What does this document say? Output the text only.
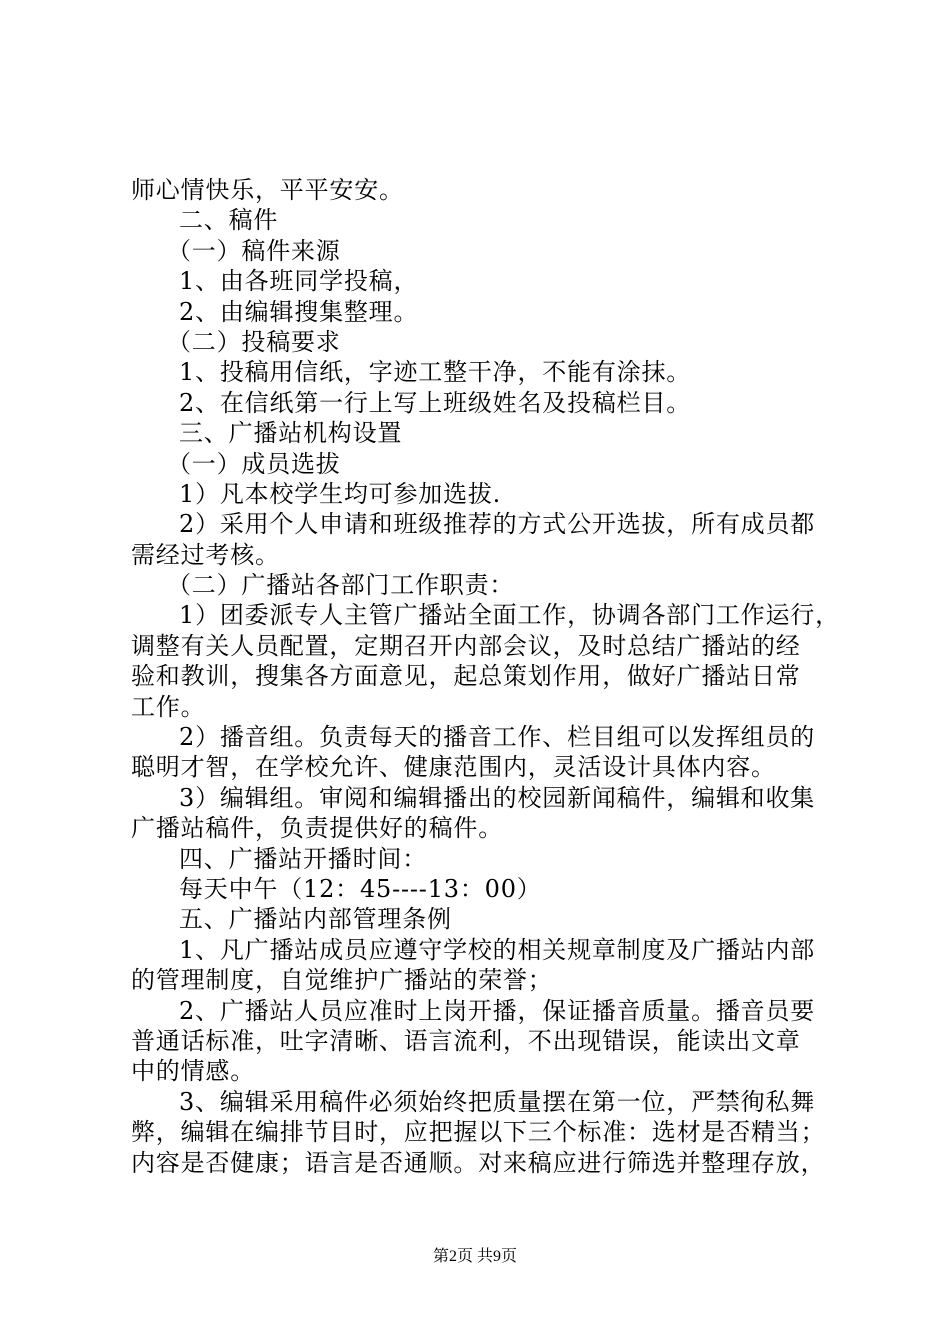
师心情快乐，平平安安。
二、稿件
（一）稿件来源
1、由各班同学投稿，
2、由编辑搜集整理。
（二）投稿要求
1、投稿用信纸，字迹工整干净，不能有涂抹。
2、在信纸第一行上写上班级姓名及投稿栏目。
三、广播站机构设置
（一）成员选拔
1）凡本校学生均可参加选拔.
2）采用个人申请和班级推荐的方式公开选拔，所有成员都
需经过考核。
（二）广播站各部门工作职责：
1）团委派专人主管广播站全面工作，协调各部门工作运行，
调整有关人员配置，定期召开内部会议，及时总结广播站的经
验和教训，搜集各方面意见，起总策划作用，做好广播站日常
工作。
2）播音组。负责每天的播音工作、栏目组可以发挥组员的
聪明才智，在学校允许、健康范围内，灵活设计具体内容。
3）编辑组。审阅和编辑播出的校园新闻稿件，编辑和收集
广播站稿件，负责提供好的稿件。
四、广播站开播时间：
每天中午（12：45----13：00）
五、广播站内部管理条例
1、凡广播站成员应遵守学校的相关规章制度及广播站内部
的管理制度，自觉维护广播站的荣誉；
2、广播站人员应准时上岗开播，保证播音质量。播音员要
普通话标准，吐字清晰、语言流利，不出现错误，能读出文章
中的情感。
3、编辑采用稿件必须始终把质量摆在第一位，严禁徇私舞
弊，编辑在编排节目时，应把握以下三个标准：选材是否精当；
内容是否健康；语言是否通顺。对来稿应进行筛选并整理存放，
第2页 共9页
